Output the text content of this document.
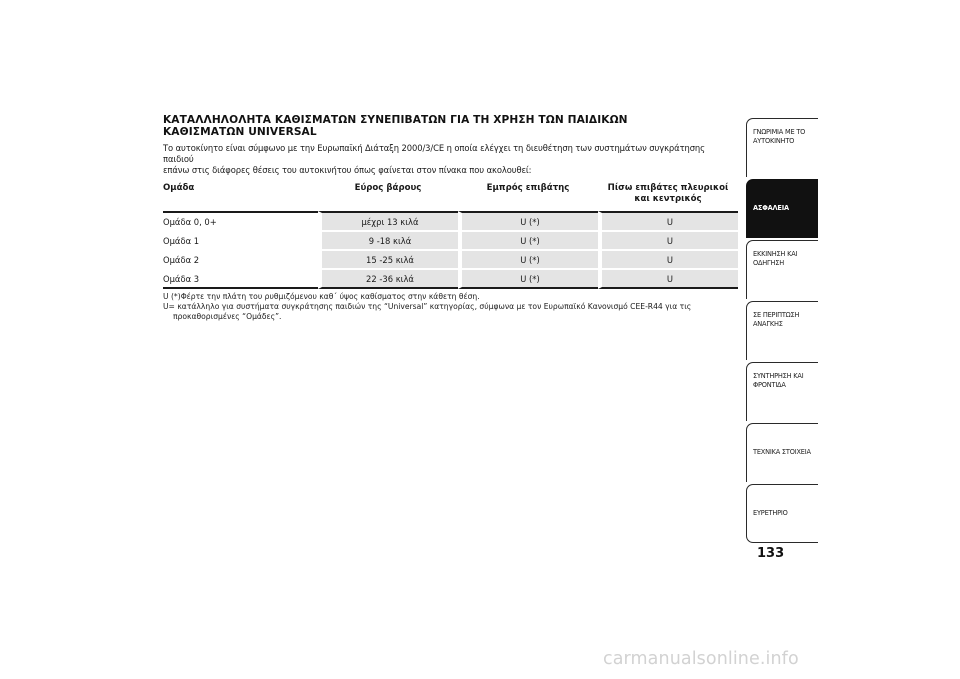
ΚΑΤΑΛΛΗΛΟΛΗΤΑ ΚΑΘΙΣΜΑΤΩΝ ΣΥΝΕΠΙΒΑΤΩΝ ΓΙΑ ΤΗ ΧΡΗΣΗ ΤΩΝ ΠΑΙΔΙΚΩΝ
ΚΑΘΙΣΜΑΤΩΝ UNIVERSAL
Το αυτοκίνητο είναι σύμφωνο με την Ευρωπαϊκή Διάταξη 2000/3/CE η οποία ελέγχει τη διευθέτηση των συστημάτων συγκράτησης παιδιού
επάνω στις διάφορες θέσεις του αυτοκινήτου όπως φαίνεται στον πίνακα που ακολουθεί:
Ομάδα	Εύρος βάρους	Εμπρός επιβάτης	Πίσω επιβάτες πλευρικοί και κεντρικός
Ομάδα 0, 0+	μέχρι 13 κιλά	U (*)	U
Ομάδα 1	9 -18 κιλά	U (*)	U
Ομάδα 2	15 -25 κιλά	U (*)	U
Ομάδα 3	22 -36 κιλά	U (*)	U
U (*)Φέρτε την πλάτη του ρυθμιζόμενου καθ΄ ύψος καθίσματος στην κάθετη θέση.
U= κατάλληλο για συστήματα συγκράτησης παιδιών της “Universal” κατηγορίας, σύμφωνα με τον Ευρωπαϊκό Κανονισμό CEE-R44 για τις προκαθορισμένες “Ομάδες”.
ΓΝΩΡΙΜΙΑ ΜΕ ΤΟ
ΑΥΤΟΚΙΝΗΤΟ
ΑΣΦΑΛΕΙΑ
ΕΚΚΙΝΗΣΗ ΚΑΙ
ΟΔΗΓΗΣΗ
ΣΕ ΠΕΡΙΠΤΩΣΗ
ΑΝΑΓΚΗΣ
ΣΥΝΤΗΡΗΣΗ ΚΑΙ
ΦΡΟΝΤΙΔΑ
ΤΕΧΝΙΚΑ ΣΤΟΙΧΕΙΑ
ΕΥΡΕΤΗΡΙΟ
133
carmanualsonline.info
